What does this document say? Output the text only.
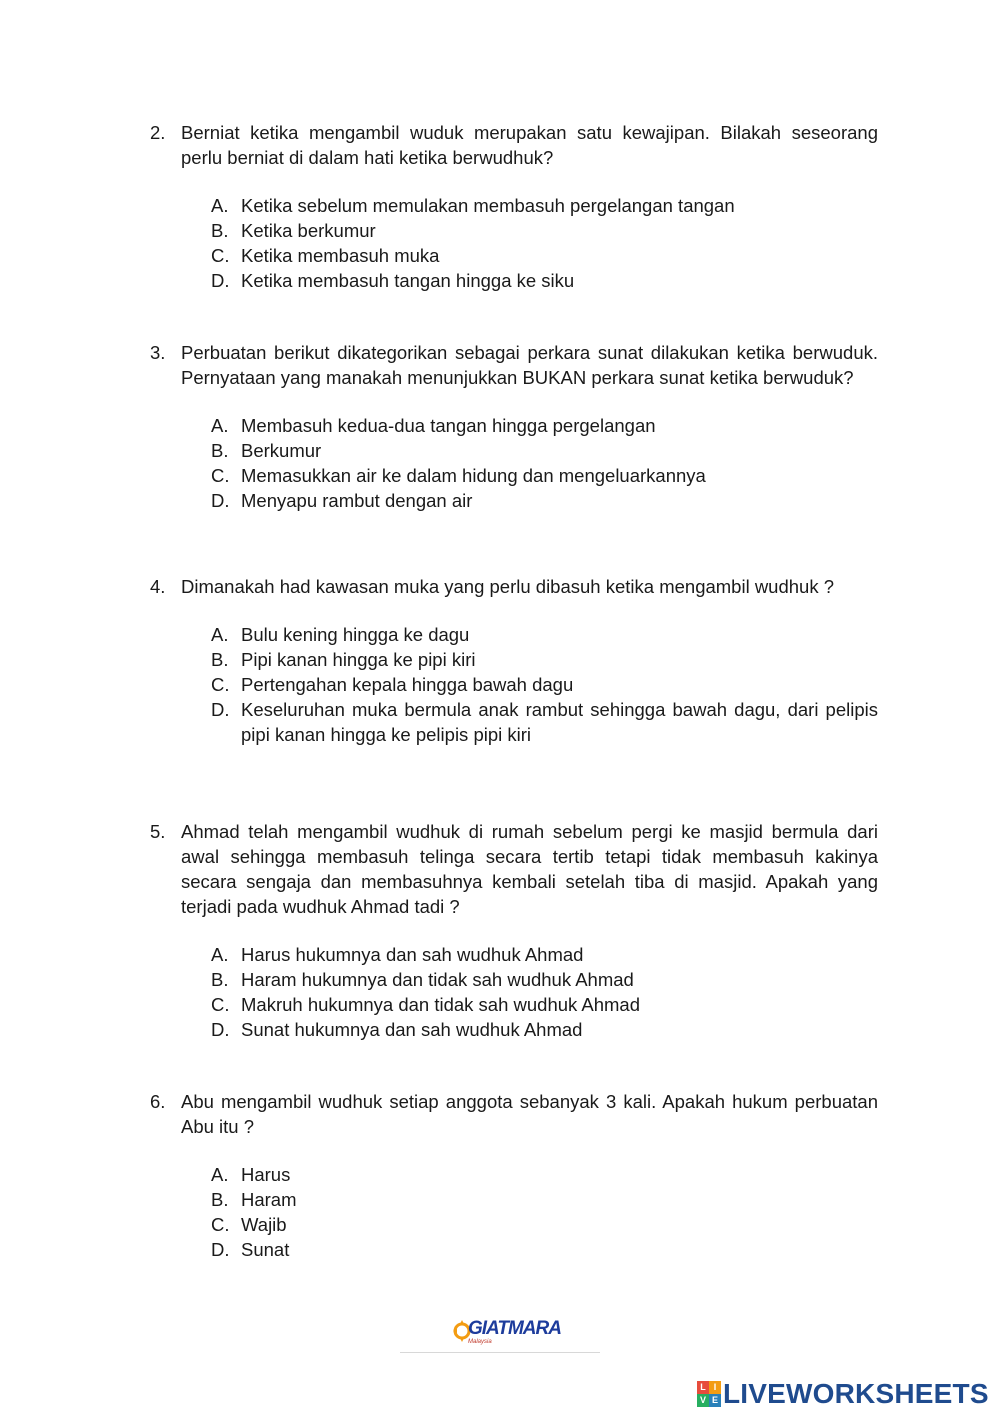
2. Berniat ketika mengambil wuduk merupakan satu kewajipan. Bilakah seseorang perlu berniat di dalam hati ketika berwudhuk?
A. Ketika sebelum memulakan membasuh pergelangan tangan
B. Ketika berkumur
C. Ketika membasuh muka
D. Ketika membasuh tangan hingga ke siku
3. Perbuatan berikut dikategorikan sebagai perkara sunat dilakukan ketika berwuduk. Pernyataan yang manakah menunjukkan BUKAN perkara sunat ketika berwuduk?
A. Membasuh kedua-dua tangan hingga pergelangan
B. Berkumur
C. Memasukkan air ke dalam hidung dan mengeluarkannya
D. Menyapu rambut dengan air
4. Dimanakah had kawasan muka yang perlu dibasuh ketika mengambil wudhuk ?
A. Bulu kening hingga ke dagu
B. Pipi kanan hingga ke pipi kiri
C. Pertengahan kepala hingga bawah dagu
D. Keseluruhan muka bermula anak rambut sehingga bawah dagu, dari pelipis pipi kanan hingga ke pelipis pipi kiri
5. Ahmad telah mengambil wudhuk di rumah sebelum pergi ke masjid bermula dari awal sehingga membasuh telinga secara tertib tetapi tidak membasuh kakinya secara sengaja dan membasuhnya kembali setelah tiba di masjid. Apakah yang terjadi pada wudhuk Ahmad tadi ?
A. Harus hukumnya dan sah wudhuk Ahmad
B. Haram hukumnya dan tidak sah wudhuk Ahmad
C. Makruh hukumnya dan tidak sah wudhuk Ahmad
D. Sunat hukumnya dan sah wudhuk Ahmad
6. Abu mengambil wudhuk setiap anggota sebanyak 3 kali. Apakah hukum perbuatan Abu itu ?
A. Harus
B. Haram
C. Wajib
D. Sunat
GIATMARA
Malaysia
L I
V E LIVEWORKSHEETS
